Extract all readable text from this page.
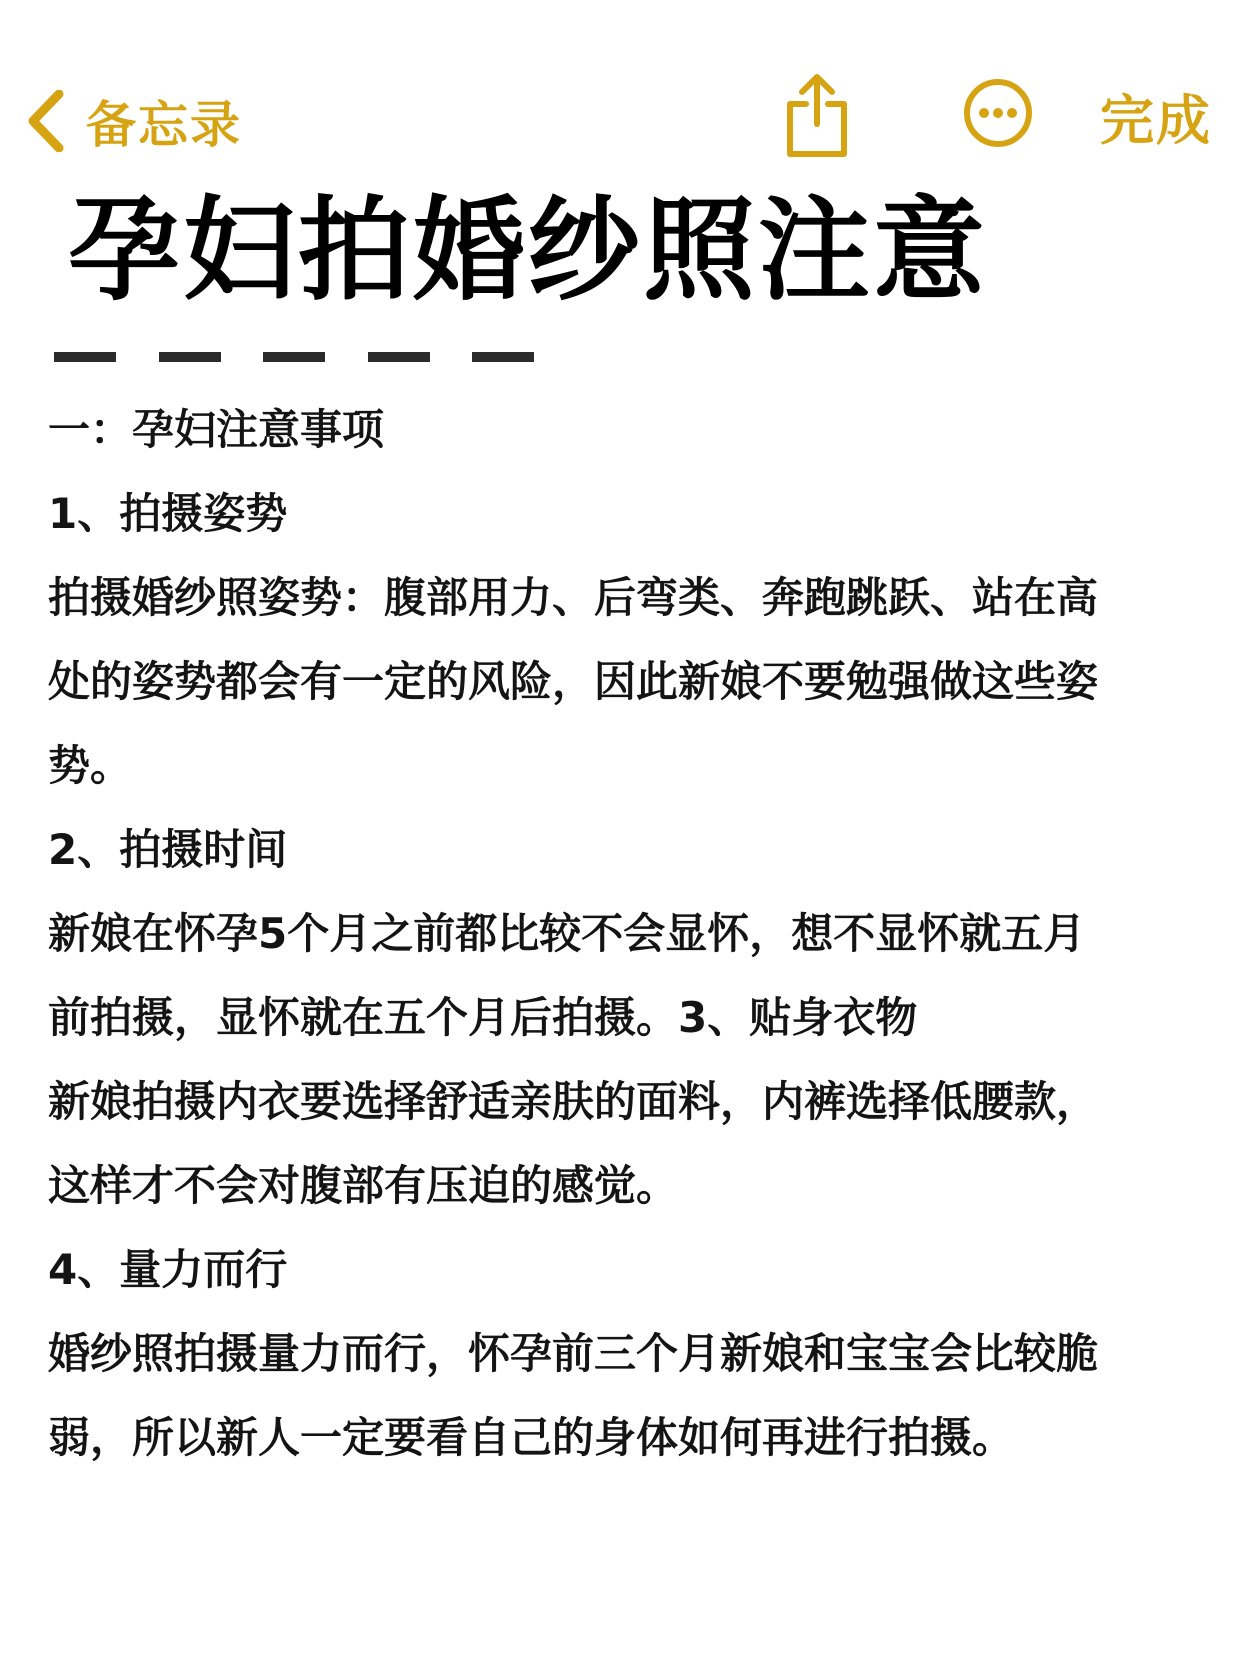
备忘录	完成
孕妇拍婚纱照注意

一：孕妇注意事项

1、拍摄姿势

拍摄婚纱照姿势：腹部用力、后弯类、奔跑跳跃、站在高

处的姿势都会有一定的风险，因此新娘不要勉强做这些姿

势。

2、拍摄时间

新娘在怀孕5个月之前都比较不会显怀，想不显怀就五月

前拍摄，显怀就在五个月后拍摄。3、贴身衣物

新娘拍摄内衣要选择舒适亲肤的面料，内裤选择低腰款，

这样才不会对腹部有压迫的感觉。

4、量力而行

婚纱照拍摄量力而行，怀孕前三个月新娘和宝宝会比较脆

弱，所以新人一定要看自己的身体如何再进行拍摄。
